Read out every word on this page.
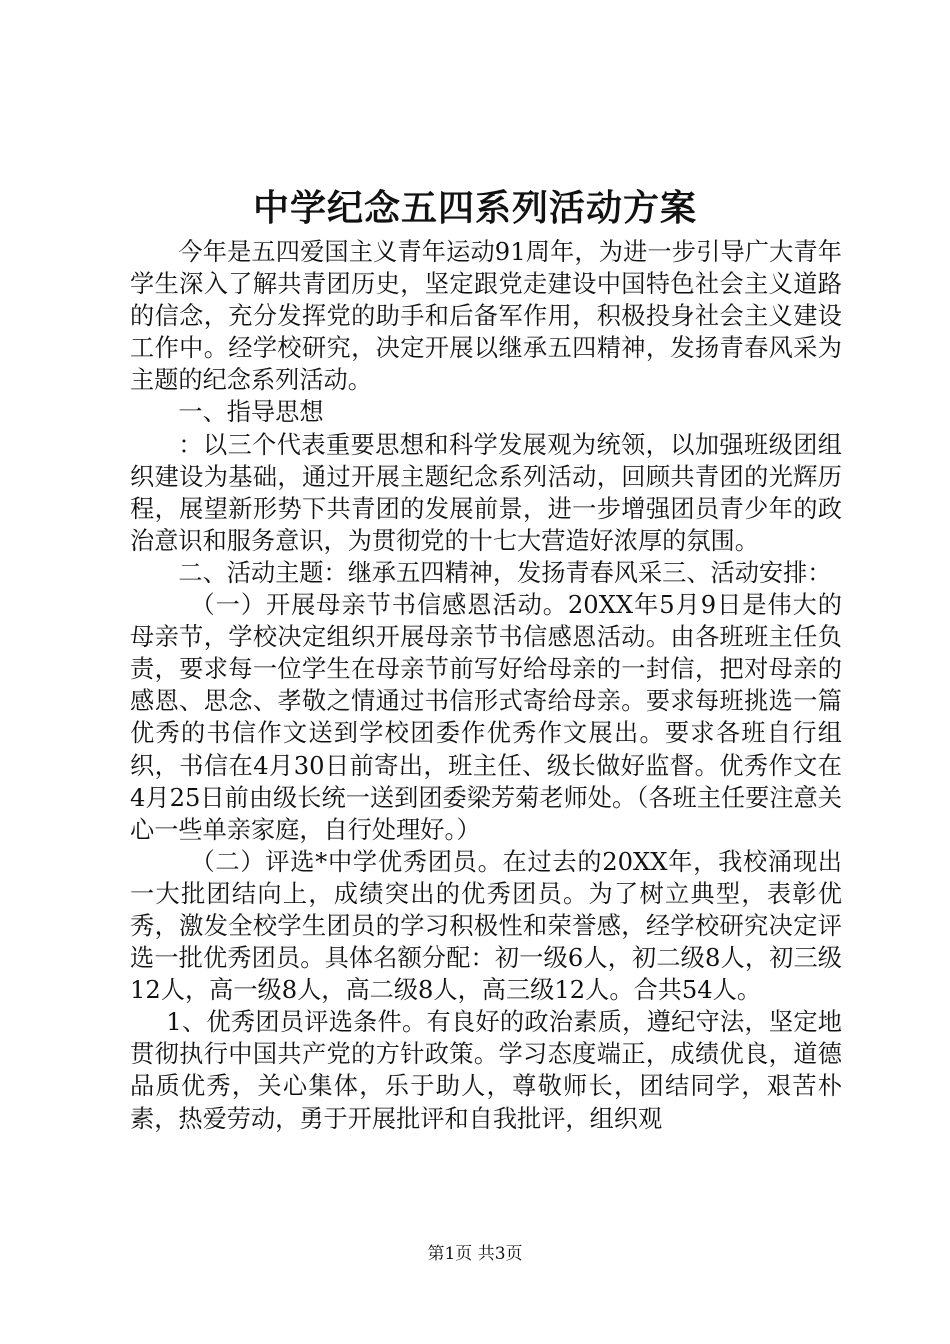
中学纪念五四系列活动方案

今年是五四爱国主义青年运动91周年，为进一步引导广大青年学生深入了解共青团历史，坚定跟党走建设中国特色社会主义道路的信念，充分发挥党的助手和后备军作用，积极投身社会主义建设工作中。经学校研究，决定开展以继承五四精神，发扬青春风采为主题的纪念系列活动。

一、指导思想

：以三个代表重要思想和科学发展观为统领，以加强班级团组织建设为基础，通过开展主题纪念系列活动，回顾共青团的光辉历程，展望新形势下共青团的发展前景，进一步增强团员青少年的政治意识和服务意识，为贯彻党的十七大营造好浓厚的氛围。

二、活动主题：继承五四精神，发扬青春风采三、活动安排：

（一）开展母亲节书信感恩活动。20XX年5月9日是伟大的母亲节，学校决定组织开展母亲节书信感恩活动。由各班班主任负责，要求每一位学生在母亲节前写好给母亲的一封信，把对母亲的感恩、思念、孝敬之情通过书信形式寄给母亲。要求每班挑选一篇优秀的书信作文送到学校团委作优秀作文展出。要求各班自行组织，书信在4月30日前寄出，班主任、级长做好监督。优秀作文在4月25日前由级长统一送到团委梁芳菊老师处。（各班主任要注意关心一些单亲家庭，自行处理好。）

（二）评选*中学优秀团员。在过去的20XX年，我校涌现出一大批团结向上，成绩突出的优秀团员。为了树立典型，表彰优秀，激发全校学生团员的学习积极性和荣誉感，经学校研究决定评选一批优秀团员。具体名额分配：初一级6人，初二级8人，初三级12人，高一级8人，高二级8人，高三级12人。合共54人。

1、优秀团员评选条件。有良好的政治素质，遵纪守法，坚定地贯彻执行中国共产党的方针政策。学习态度端正，成绩优良，道德品质优秀，关心集体，乐于助人，尊敬师长，团结同学，艰苦朴素，热爱劳动，勇于开展批评和自我批评，组织观

第1页 共3页
